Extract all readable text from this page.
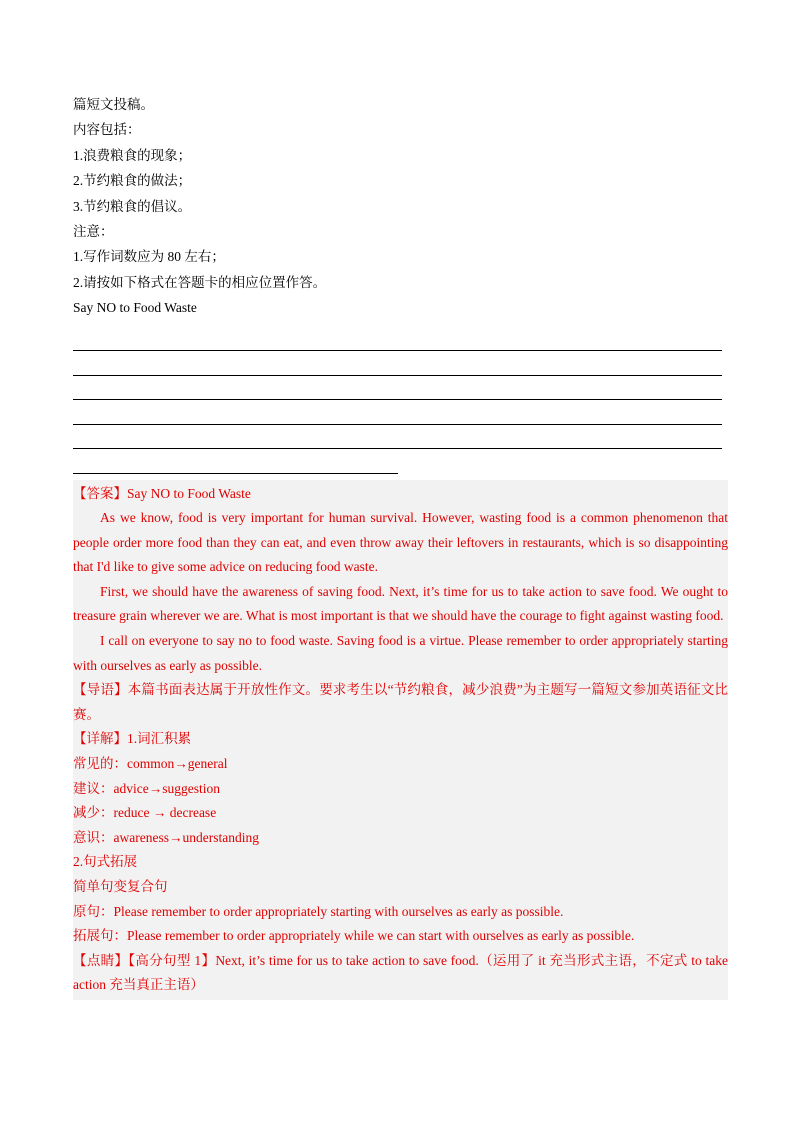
篇短文投稿。
内容包括：
1.浪费粮食的现象；
2.节约粮食的做法；
3.节约粮食的倡议。
注意：
1.写作词数应为 80 左右；
2.请按如下格式在答题卡的相应位置作答。
Say NO to Food Waste
【答案】Say NO to Food Waste

As we know, food is very important for human survival. However, wasting food is a common phenomenon that people order more food than they can eat, and even throw away their leftovers in restaurants, which is so disappointing that I'd like to give some advice on reducing food waste.

First, we should have the awareness of saving food. Next, it’s time for us to take action to save food. We ought to treasure grain wherever we are. What is most important is that we should have the courage to fight against wasting food.

I call on everyone to say no to food waste. Saving food is a virtue. Please remember to order appropriately starting with ourselves as early as possible.

【导语】本篇书面表达属于开放性作文。要求考生以“节约粮食，减少浪费”为主题写一篇短文参加英语征文比赛。

【详解】1.词汇积累
常见的：common→general
建议：advice→suggestion
减少：reduce → decrease
意识：awareness→understanding
2.句式拓展
简单句变复合句
原句：Please remember to order appropriately starting with ourselves as early as possible.
拓展句：Please remember to order appropriately while we can start with ourselves as early as possible.

【点睛】【高分句型 1】Next, it’s time for us to take action to save food.（运用了 it 充当形式主语，不定式 to take action 充当真正主语）
